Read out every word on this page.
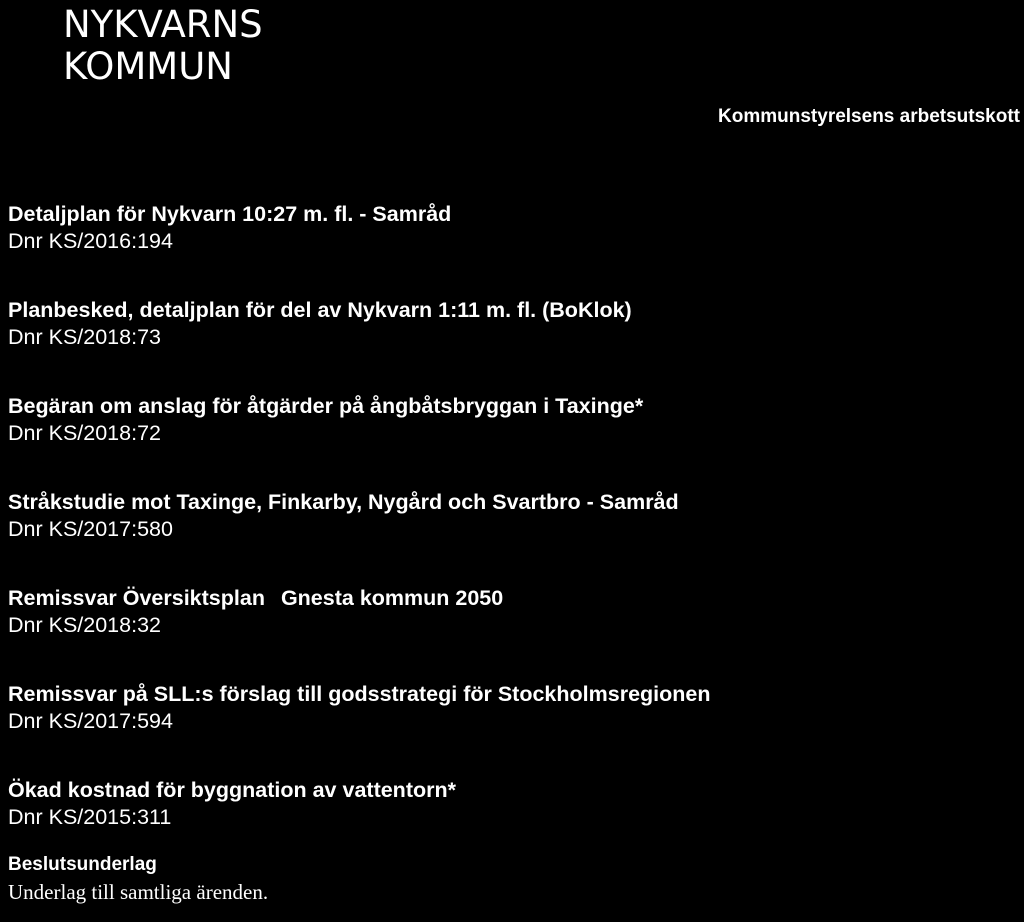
NYKVARNS
KOMMUN
Kommunstyrelsens arbetsutskott
Detaljplan för Nykvarn 10:27 m. fl. - Samråd
Dnr KS/2016:194
Planbesked, detaljplan för del av Nykvarn 1:11 m. fl. (BoKlok)
Dnr KS/2018:73
Begäran om anslag för åtgärder på ångbåtsbryggan i Taxinge*
Dnr KS/2018:72
Stråkstudie mot Taxinge, Finkarby, Nygård och Svartbro - Samråd
Dnr KS/2017:580
Remissvar Översiktsplan Gnesta kommun 2050
Dnr KS/2018:32
Remissvar på SLL:s förslag till godsstrategi för Stockholmsregionen
Dnr KS/2017:594
Ökad kostnad för byggnation av vattentorn*
Dnr KS/2015:311
Beslutsunderlag
Underlag till samtliga ärenden.
